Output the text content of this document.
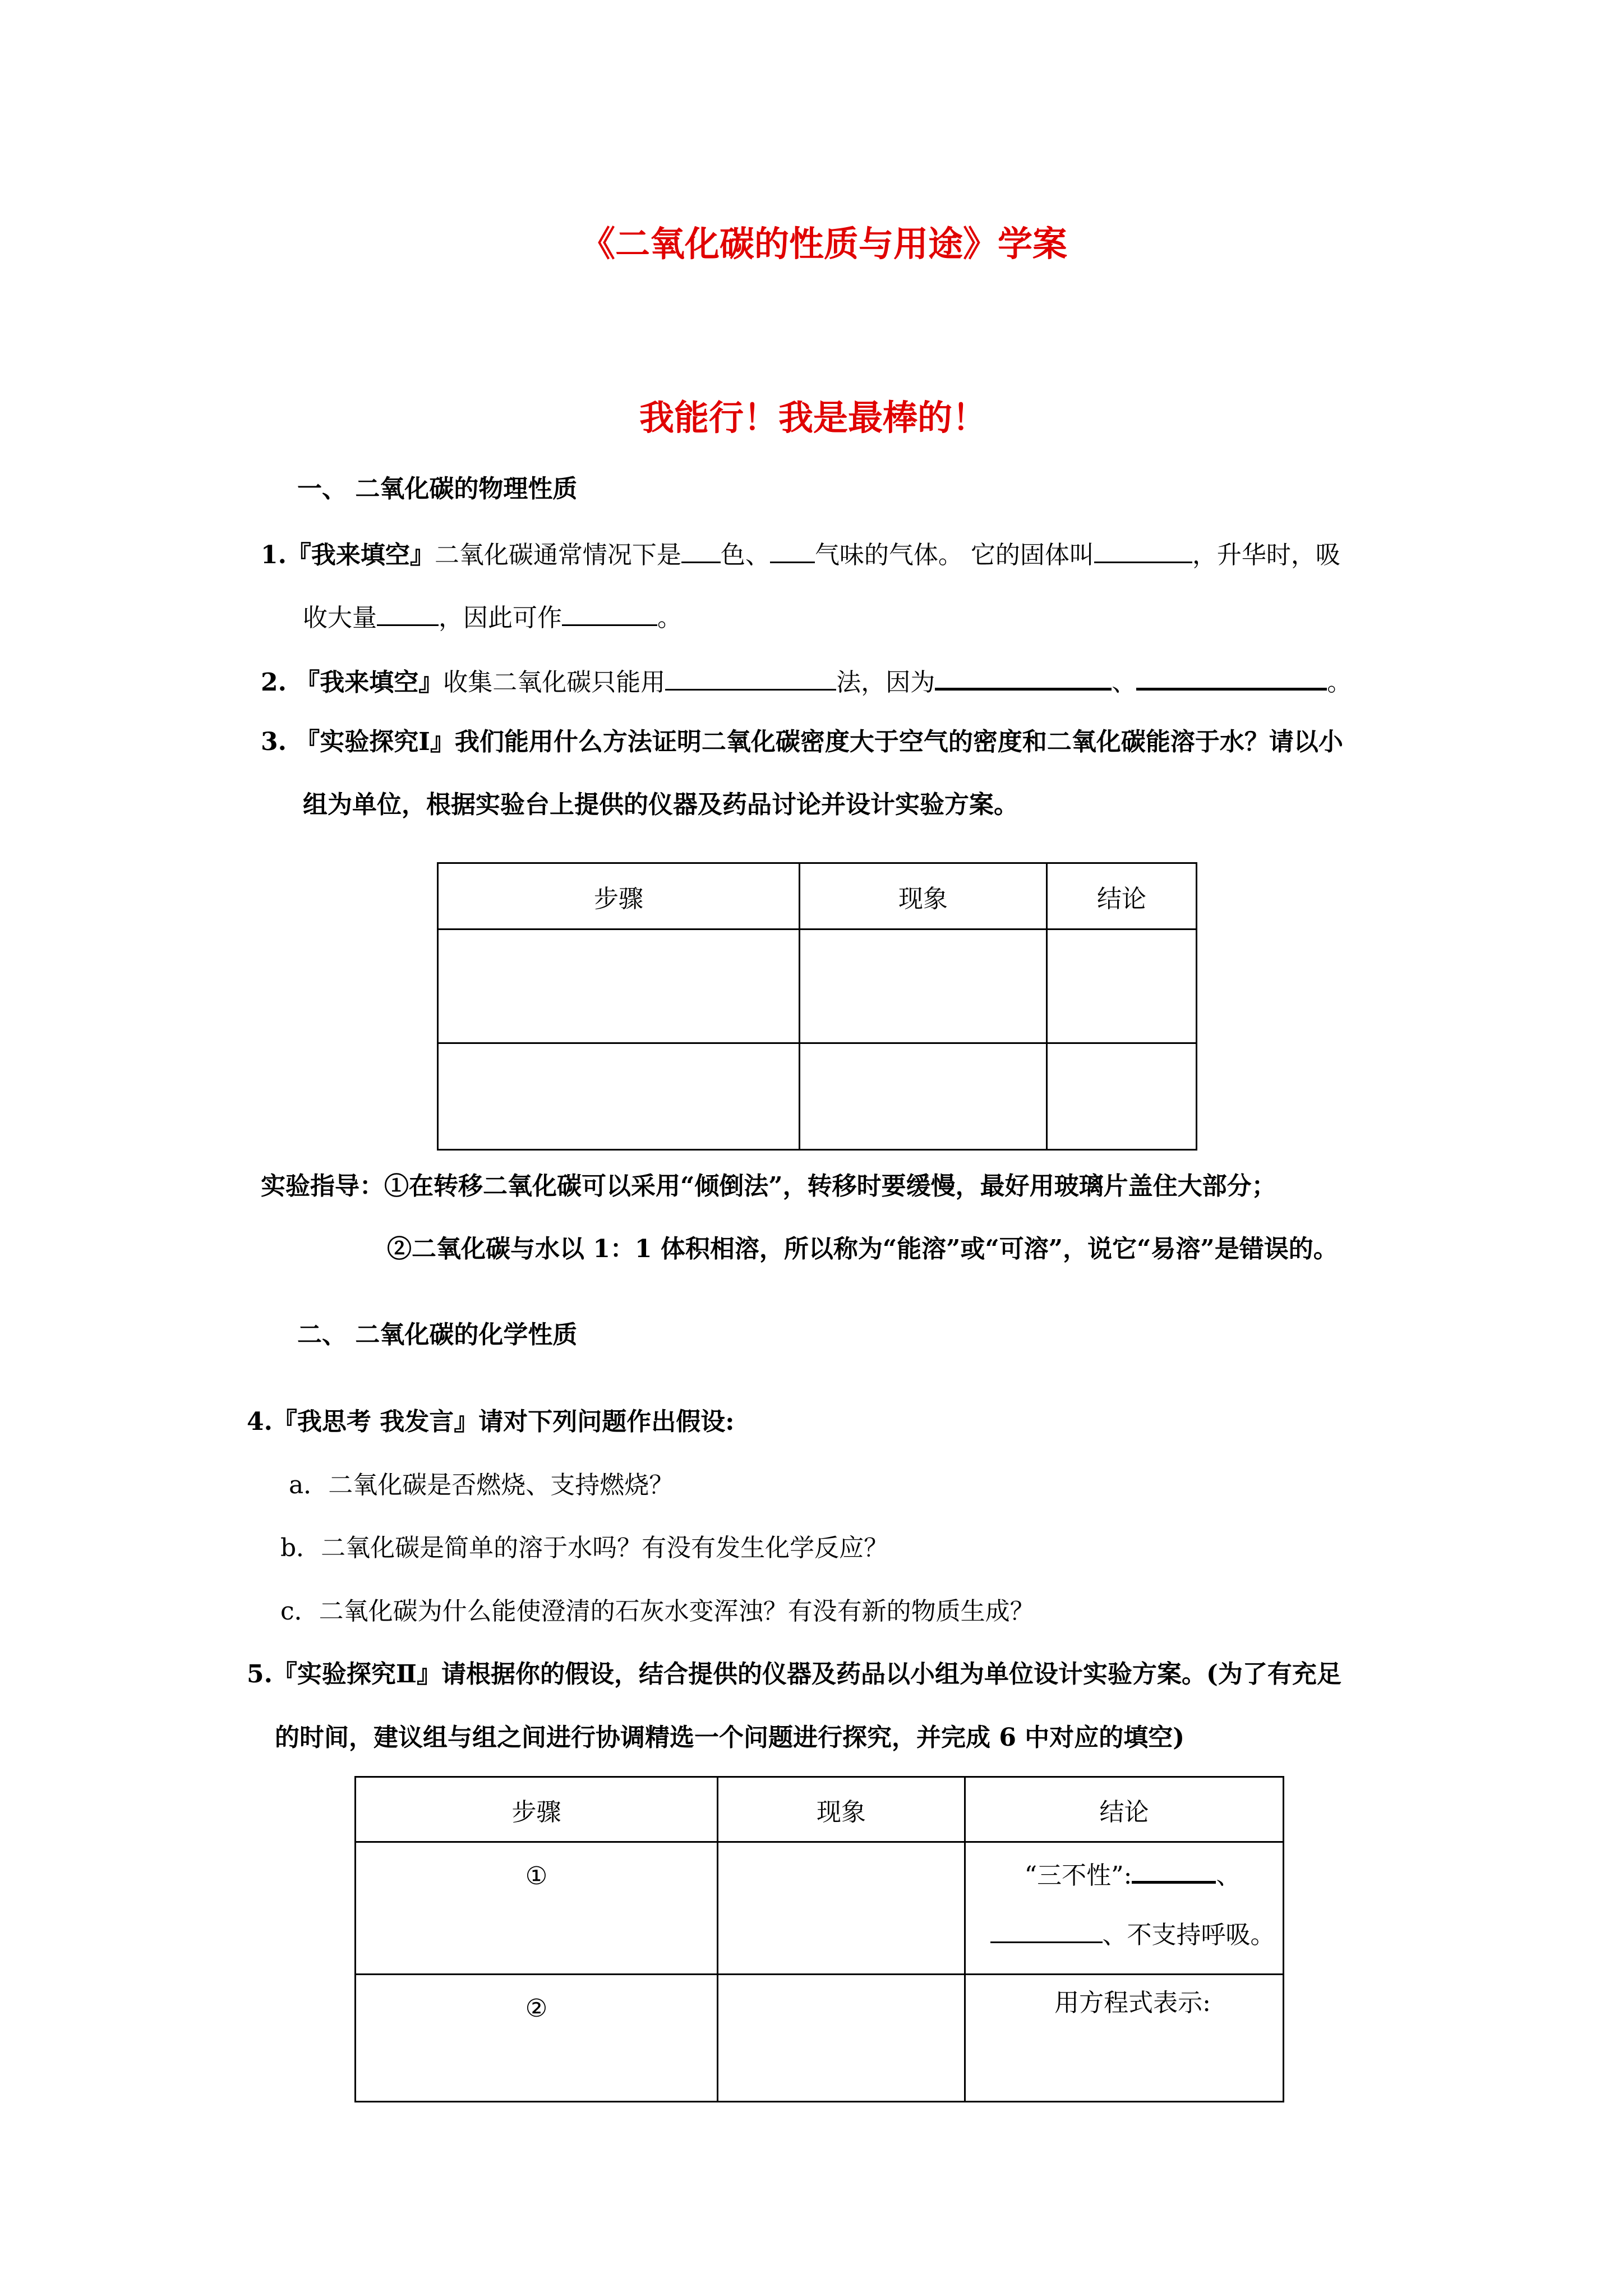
《二氧化碳的性质与用途》学案
我能行！我是最棒的！
一、 二氧化碳的物理性质
1.『我来填空』二氧化碳通常情况下是 色、 气味的气体。 它的固体叫	，升华时，吸
收大量	，因此可作	。
2. 『我来填空』收集二氧化碳只能用	法，因为	、	。
3. 『实验探究Ⅰ』我们能用什么方法证明二氧化碳密度大于空气的密度和二氧化碳能溶于水？请以小
组为单位，根据实验台上提供的仪器及药品讨论并设计实验方案。
步骤	现象	结论

实验指导：①在转移二氧化碳可以采用“倾倒法”，转移时要缓慢，最好用玻璃片盖住大部分；
②二氧化碳与水以 1：1 体积相溶，所以称为“能溶”或“可溶”，说它“易溶”是错误的。
二、 二氧化碳的化学性质
4.『我思考 我发言』请对下列问题作出假设:
a．二氧化碳是否燃烧、支持燃烧？
b．二氧化碳是简单的溶于水吗？有没有发生化学反应？
c．二氧化碳为什么能使澄清的石灰水变浑浊？有没有新的物质生成？
5.『实验探究Ⅱ』请根据你的假设，结合提供的仪器及药品以小组为单位设计实验方案。(为了有充足
的时间，建议组与组之间进行协调精选一个问题进行探究，并完成 6 中对应的填空)
步骤	现象	结论
①		“三不性”: 、
、不支持呼吸。

②		用方程式表示:
